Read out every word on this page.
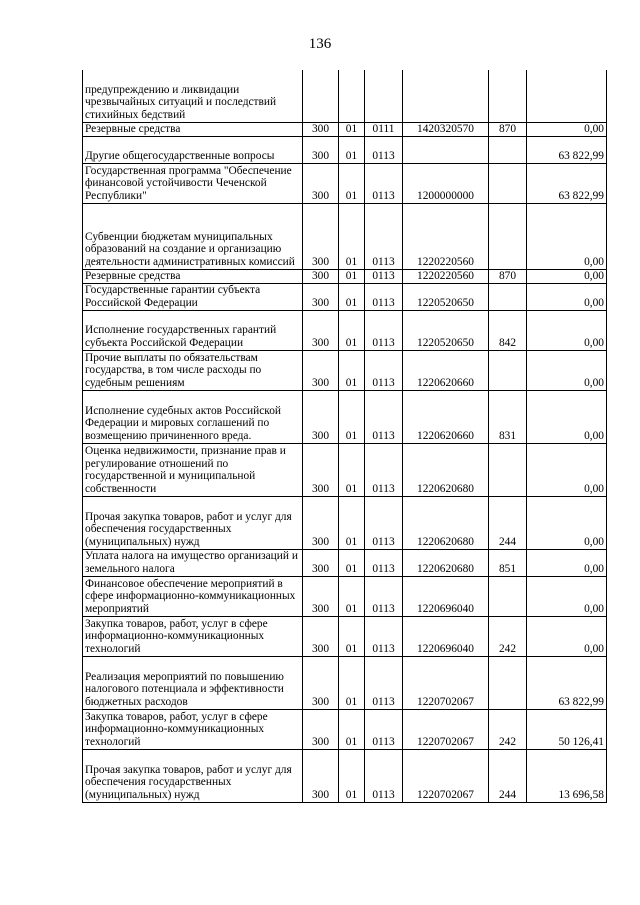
136
предупреждению и ликвидации чрезвычайных ситуаций и последствий стихийных бедствий						
Резервные средства	300	01	0111	1420320570	870	0,00
Другие общегосударственные вопросы	300	01	0113			63 822,99
Государственная программа "Обеспечение финансовой устойчивости Чеченской Республики"	300	01	0113	1200000000		63 822,99
Субвенции бюджетам муниципальных образований на создание и организацию деятельности административных комиссий	300	01	0113	1220220560		0,00
Резервные средства	300	01	0113	1220220560	870	0,00
Государственные гарантии субъекта Российской Федерации	300	01	0113	1220520650		0,00
Исполнение государственных гарантий субъекта Российской Федерации	300	01	0113	1220520650	842	0,00
Прочие выплаты по обязательствам государства, в том числе расходы по судебным решениям	300	01	0113	1220620660		0,00
Исполнение судебных актов Российской Федерации и мировых соглашений по возмещению причиненного вреда.	300	01	0113	1220620660	831	0,00
Оценка недвижимости, признание прав и регулирование отношений по государственной и муниципальной собственности	300	01	0113	1220620680		0,00
Прочая закупка товаров, работ и услуг для обеспечения государственных (муниципальных) нужд	300	01	0113	1220620680	244	0,00
Уплата налога на имущество организаций и земельного налога	300	01	0113	1220620680	851	0,00
Финансовое обеспечение мероприятий в сфере информационно-коммуникационных мероприятий	300	01	0113	1220696040		0,00
Закупка товаров, работ, услуг в сфере информационно-коммуникационных технологий	300	01	0113	1220696040	242	0,00
Реализация мероприятий по повышению налогового потенциала и эффективности бюджетных расходов	300	01	0113	1220702067		63 822,99
Закупка товаров, работ, услуг в сфере информационно-коммуникационных технологий	300	01	0113	1220702067	242	50 126,41
Прочая закупка товаров, работ и услуг для обеспечения государственных (муниципальных) нужд	300	01	0113	1220702067	244	13 696,58
